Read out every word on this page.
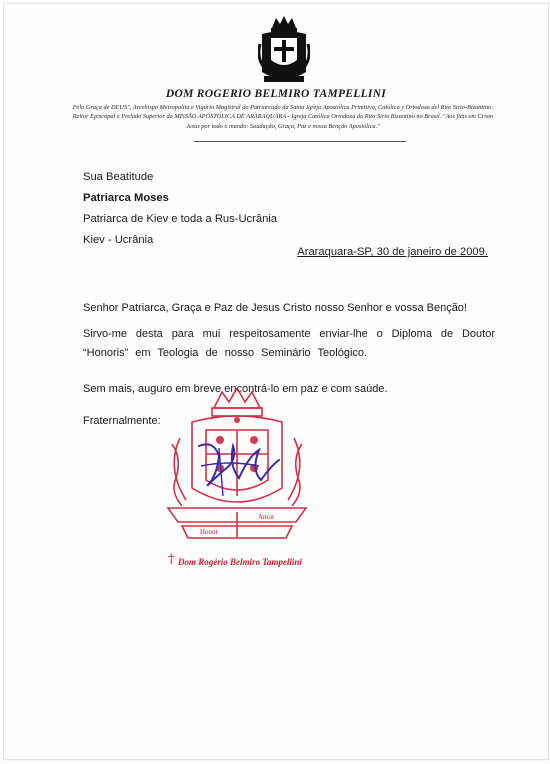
DOM ROGERIO BELMIRO TAMPELLINI
Pela Graça de DEUS", Arcebispo Metropolita e Vigário Magistral do Patriarcado da Santa Igreja Apostólica Primitiva, Católica y Ortodoxa del Rito Sirio-Bizantino; Reitor Episcopal e Prelado Superior da MISSÃO APOSTÓLICA DE ARARAQUARA - Igreja Católica Ortodoxa do Rito Sirio Bizantino no Brasil. "Aos fiéis em Cristo Jesus por todo o mundo: Saudação, Graça, Paz e nossa Benção Apostólica."
Sua Beatitude
Patriarca Moses
Patriarca de Kiev e toda a Rus-Ucrânia
Kiev - Ucrânia
Araraquara-SP, 30 de janeiro de 2009.
Senhor Patriarca, Graça e Paz de Jesus Cristo nosso Senhor e vossa Benção!
Sirvo-me desta para mui respeitosamente enviar-lhe o Diploma de Doutor “Honoris” em Teologia de nosso Seminário Teológico.
Sem mais, auguro em breve encontrá-lo em paz e com saúde.
Fraternalmente:
Honor
Amor
† Dom Rogério Belmiro Tampellini
